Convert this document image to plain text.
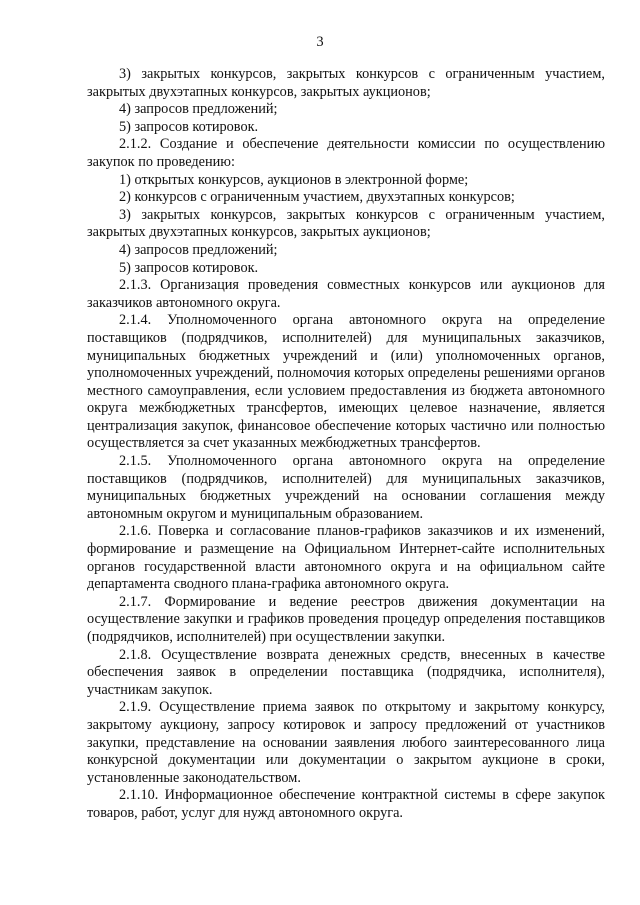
3

3) закрытых конкурсов, закрытых конкурсов с ограниченным участием, закрытых двухэтапных конкурсов, закрытых аукционов;

4) запросов предложений;

5) запросов котировок.

2.1.2. Создание и обеспечение деятельности комиссии по осуществлению закупок по проведению:

1) открытых конкурсов, аукционов в электронной форме;

2) конкурсов с ограниченным участием, двухэтапных конкурсов;

3) закрытых конкурсов, закрытых конкурсов с ограниченным участием, закрытых двухэтапных конкурсов, закрытых аукционов;

4) запросов предложений;

5) запросов котировок.

2.1.3. Организация проведения совместных конкурсов или аукционов для заказчиков автономного округа.

2.1.4. Уполномоченного органа автономного округа на определение поставщиков (подрядчиков, исполнителей) для муниципальных заказчиков, муниципальных бюджетных учреждений и (или) уполномоченных органов, уполномоченных учреждений, полномочия которых определены решениями органов местного самоуправления, если условием предоставления из бюджета автономного округа межбюджетных трансфертов, имеющих целевое назначение, является централизация закупок, финансовое обеспечение которых частично или полностью осуществляется за счет указанных межбюджетных трансфертов.

2.1.5. Уполномоченного органа автономного округа на определение поставщиков (подрядчиков, исполнителей) для муниципальных заказчиков, муниципальных бюджетных учреждений на основании соглашения между автономным округом и муниципальным образованием.

2.1.6. Поверка и согласование планов-графиков заказчиков и их изменений, формирование и размещение на Официальном Интернет-сайте исполнительных органов государственной власти автономного округа и на официальном сайте департамента сводного плана-графика автономного округа.

2.1.7. Формирование и ведение реестров движения документации на осуществление закупки и графиков проведения процедур определения поставщиков (подрядчиков, исполнителей) при осуществлении закупки.

2.1.8. Осуществление возврата денежных средств, внесенных в качестве обеспечения заявок в определении поставщика (подрядчика, исполнителя), участникам закупок.

2.1.9. Осуществление приема заявок по открытому и закрытому конкурсу, закрытому аукциону, запросу котировок и запросу предложений от участников закупки, представление на основании заявления любого заинтересованного лица конкурсной документации или документации о закрытом аукционе в сроки, установленные законодательством.

2.1.10. Информационное обеспечение контрактной системы в сфере закупок товаров, работ, услуг для нужд автономного округа.
